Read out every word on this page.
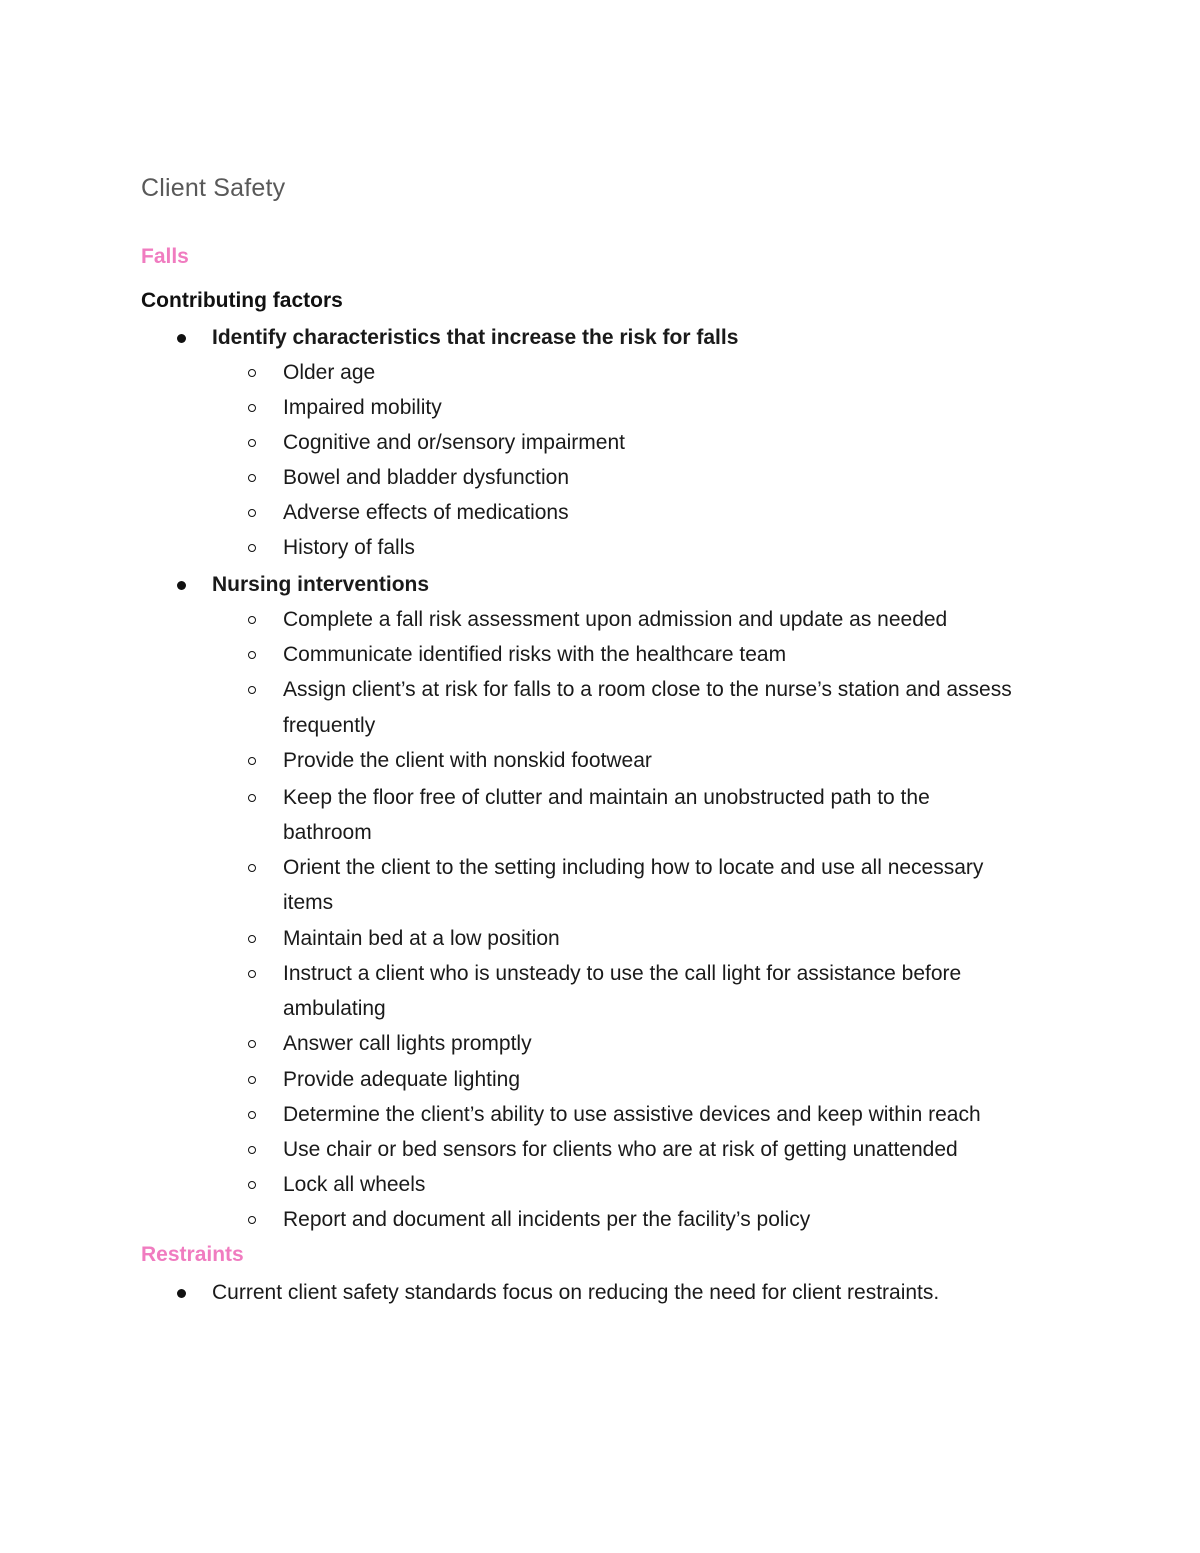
Client Safety
Falls
Contributing factors
Identify characteristics that increase the risk for falls
Older age
Impaired mobility
Cognitive and or/sensory impairment
Bowel and bladder dysfunction
Adverse effects of medications
History of falls
Nursing interventions
Complete a fall risk assessment upon admission and update as needed
Communicate identified risks with the healthcare team
Assign client’s at risk for falls to a room close to the nurse’s station and assess
frequently
Provide the client with nonskid footwear
Keep the floor free of clutter and maintain an unobstructed path to the
bathroom
Orient the client to the setting including how to locate and use all necessary
items
Maintain bed at a low position
Instruct a client who is unsteady to use the call light for assistance before
ambulating
Answer call lights promptly
Provide adequate lighting
Determine the client’s ability to use assistive devices and keep within reach
Use chair or bed sensors for clients who are at risk of getting unattended
Lock all wheels
Report and document all incidents per the facility’s policy
Restraints
Current client safety standards focus on reducing the need for client restraints.
